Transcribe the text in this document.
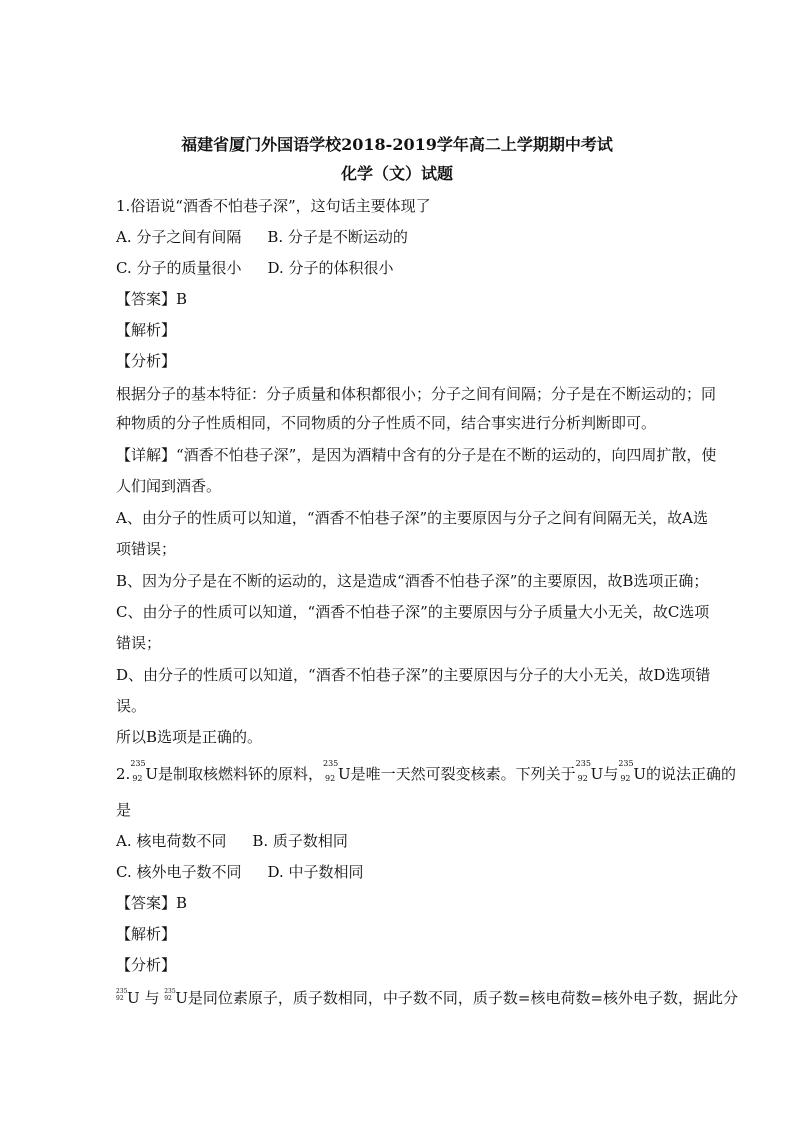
福建省厦门外国语学校2018-2019学年高二上学期期中考试
化学（文）试题
1.俗语说“酒香不怕巷子深”，这句话主要体现了
A. 分子之间有间隔 B. 分子是不断运动的
C. 分子的质量很小 D. 分子的体积很小
【答案】B
【解析】
【分析】
根据分子的基本特征：分子质量和体积都很小；分子之间有间隔；分子是在不断运动的；同
种物质的分子性质相同，不同物质的分子性质不同，结合事实进行分析判断即可。
【详解】“酒香不怕巷子深”，是因为酒精中含有的分子是在不断的运动的，向四周扩散，使
人们闻到酒香。
A、由分子的性质可以知道，“酒香不怕巷子深”的主要原因与分子之间有间隔无关，故A选
项错误；
B、因为分子是在不断的运动的，这是造成“酒香不怕巷子深”的主要原因，故B选项正确；
C、由分子的性质可以知道，“酒香不怕巷子深”的主要原因与分子质量大小无关，故C选项
错误；
D、由分子的性质可以知道，“酒香不怕巷子深”的主要原因与分子的大小无关，故D选项错
误。
所以B选项是正确的。
2.
235
92 U是制取核燃料钚的原料，
235
92 U是唯一天然可裂变核素。下列关于
235
92 U与
235
92 U的说法正确的
是
A. 核电荷数不同 B. 质子数相同
C. 核外电子数不同 D. 中子数相同
【答案】B
【解析】
【分析】
235
92 U 与 235
92 U是同位素原子，质子数相同，中子数不同，质子数=核电荷数=核外电子数，据此分
